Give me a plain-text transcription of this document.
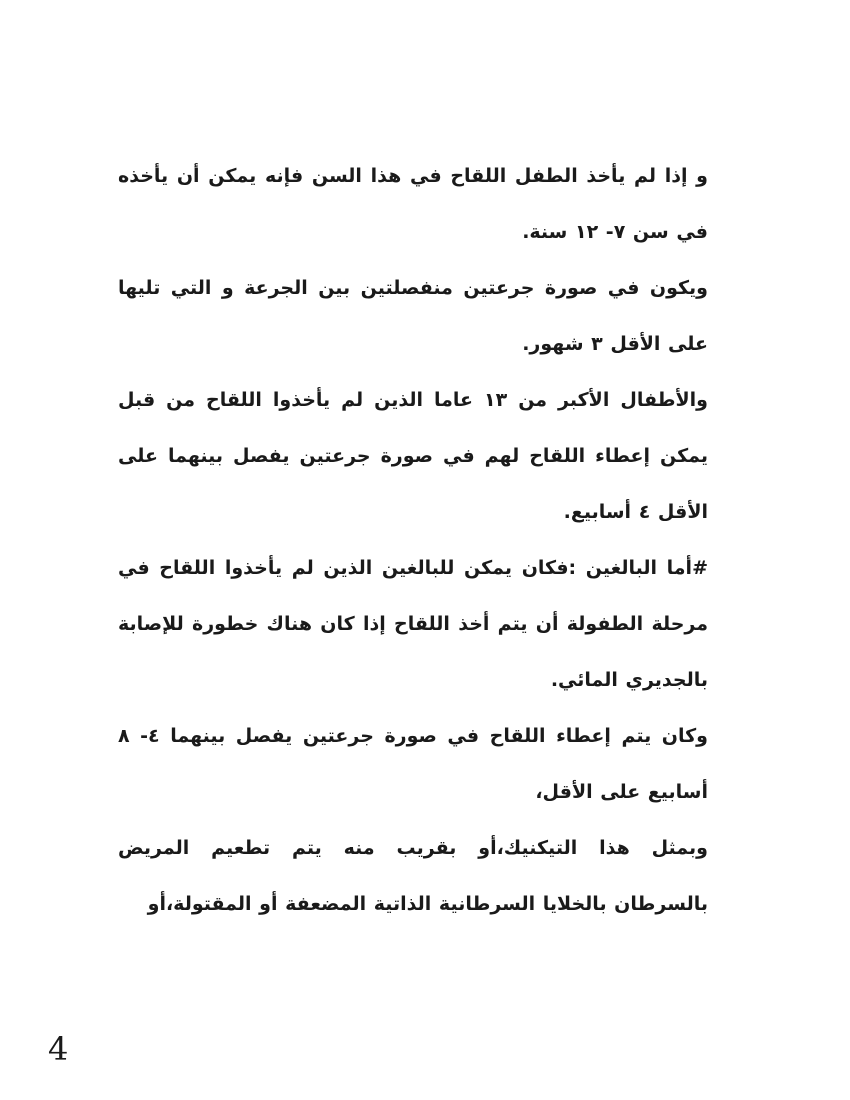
و إذا لم يأخذ الطفل اللقاح في هذا السن فإنه يمكن أن يأخذه في سن ٧- ١٢ سنة.

ويكون في صورة جرعتين منفصلتين بين الجرعة و التي تليها على الأقل ٣ شهور.

والأطفال الأكبر من ١٣ عاما الذين لم يأخذوا اللقاح من قبل يمكن إعطاء اللقاح لهم في صورة جرعتين يفصل بينهما على الأقل ٤ أسابيع.

#أما البالغين :فكان يمكن للبالغين الذين لم يأخذوا اللقاح في مرحلة الطفولة أن يتم أخذ اللقاح إذا كان هناك خطورة للإصابة بالجديري المائي.

وكان يتم إعطاء اللقاح في صورة جرعتين يفصل بينهما ٤- ٨ أسابيع على الأقل،

وبمثل هذا التيكنيك،أو بقريب منه يتم تطعيم المريض بالسرطان بالخلايا السرطانية الذاتية المضعفة أو المقتولة،أو

4
